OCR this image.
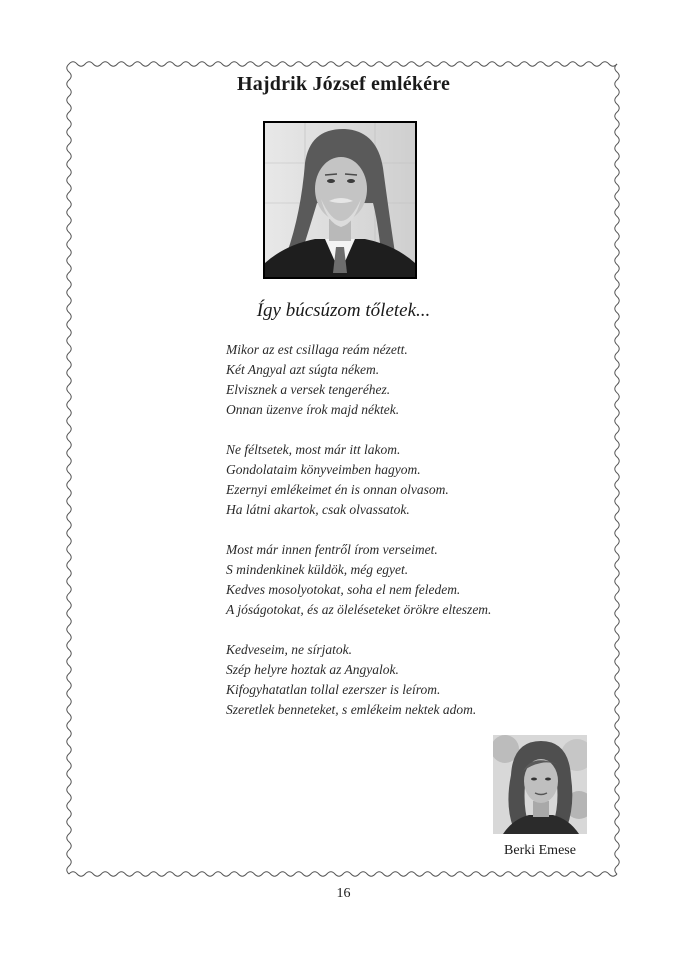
Hajdrik József emlékére
Így búcsúzom tőletek...
Mikor az est csillaga reám nézett.
Két Angyal azt súgta nékem.
Elvisznek a versek tengeréhez.
Onnan üzenve írok majd néktek.
Ne féltsetek, most már itt lakom.
Gondolataim könyveimben hagyom.
Ezernyi emlékeimet én is onnan olvasom.
Ha látni akartok, csak olvassatok.
Most már innen fentről írom verseimet.
S mindenkinek küldök, még egyet.
Kedves mosolyotokat, soha el nem feledem.
A jóságotokat, és az öleléseteket örökre elteszem.
Kedveseim, ne sírjatok.
Szép helyre hoztak az Angyalok.
Kifogyhatatlan tollal ezerszer is leírom.
Szeretlek benneteket, s emlékeim nektek adom.
Berki Emese
16
